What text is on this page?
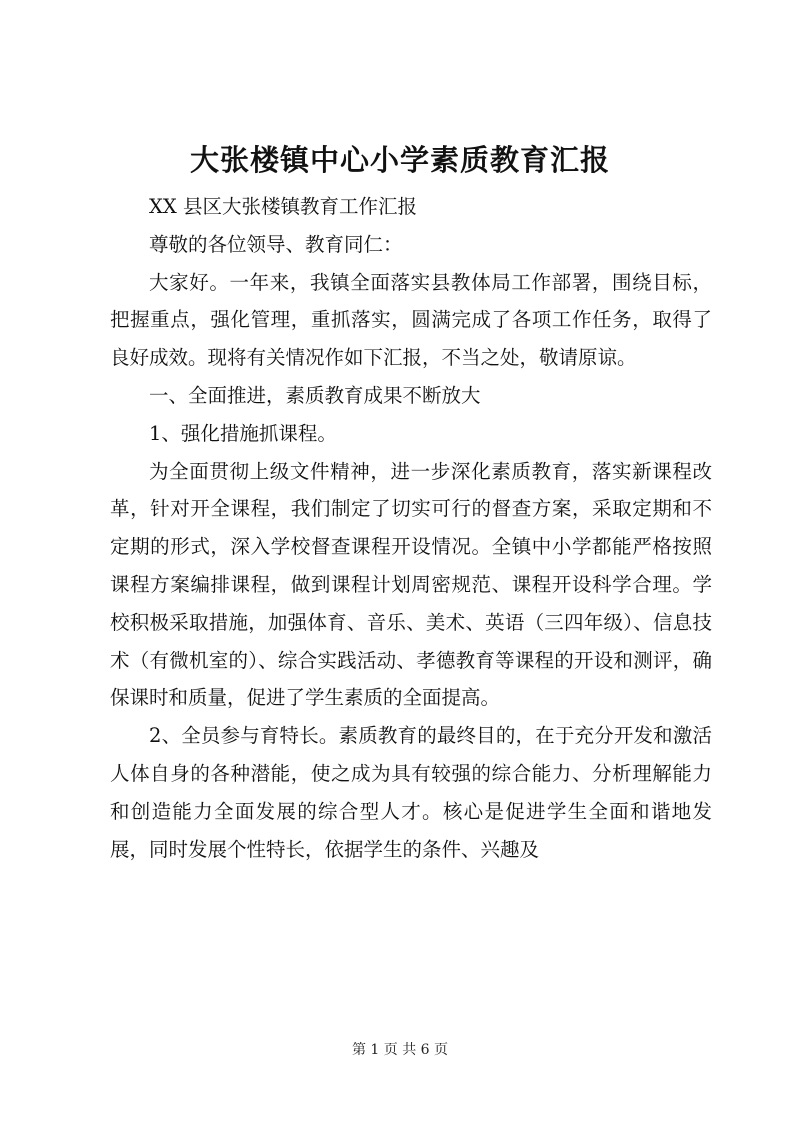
大张楼镇中心小学素质教育汇报

XX 县区大张楼镇教育工作汇报

尊敬的各位领导、教育同仁：

大家好。一年来，我镇全面落实县教体局工作部署，围绕目标，把握重点，强化管理，重抓落实，圆满完成了各项工作任务，取得了良好成效。现将有关情况作如下汇报，不当之处，敬请原谅。

一、全面推进，素质教育成果不断放大

1、强化措施抓课程。

为全面贯彻上级文件精神，进一步深化素质教育，落实新课程改革，针对开全课程，我们制定了切实可行的督查方案，采取定期和不定期的形式，深入学校督查课程开设情况。全镇中小学都能严格按照课程方案编排课程，做到课程计划周密规范、课程开设科学合理。学校积极采取措施，加强体育、音乐、美术、英语（三四年级）、信息技术（有微机室的）、综合实践活动、孝德教育等课程的开设和测评，确保课时和质量，促进了学生素质的全面提高。

2、全员参与育特长。素质教育的最终目的，在于充分开发和激活人体自身的各种潜能，使之成为具有较强的综合能力、分析理解能力和创造能力全面发展的综合型人才。核心是促进学生全面和谐地发展，同时发展个性特长，依据学生的条件、兴趣及

第 1 页 共 6 页
